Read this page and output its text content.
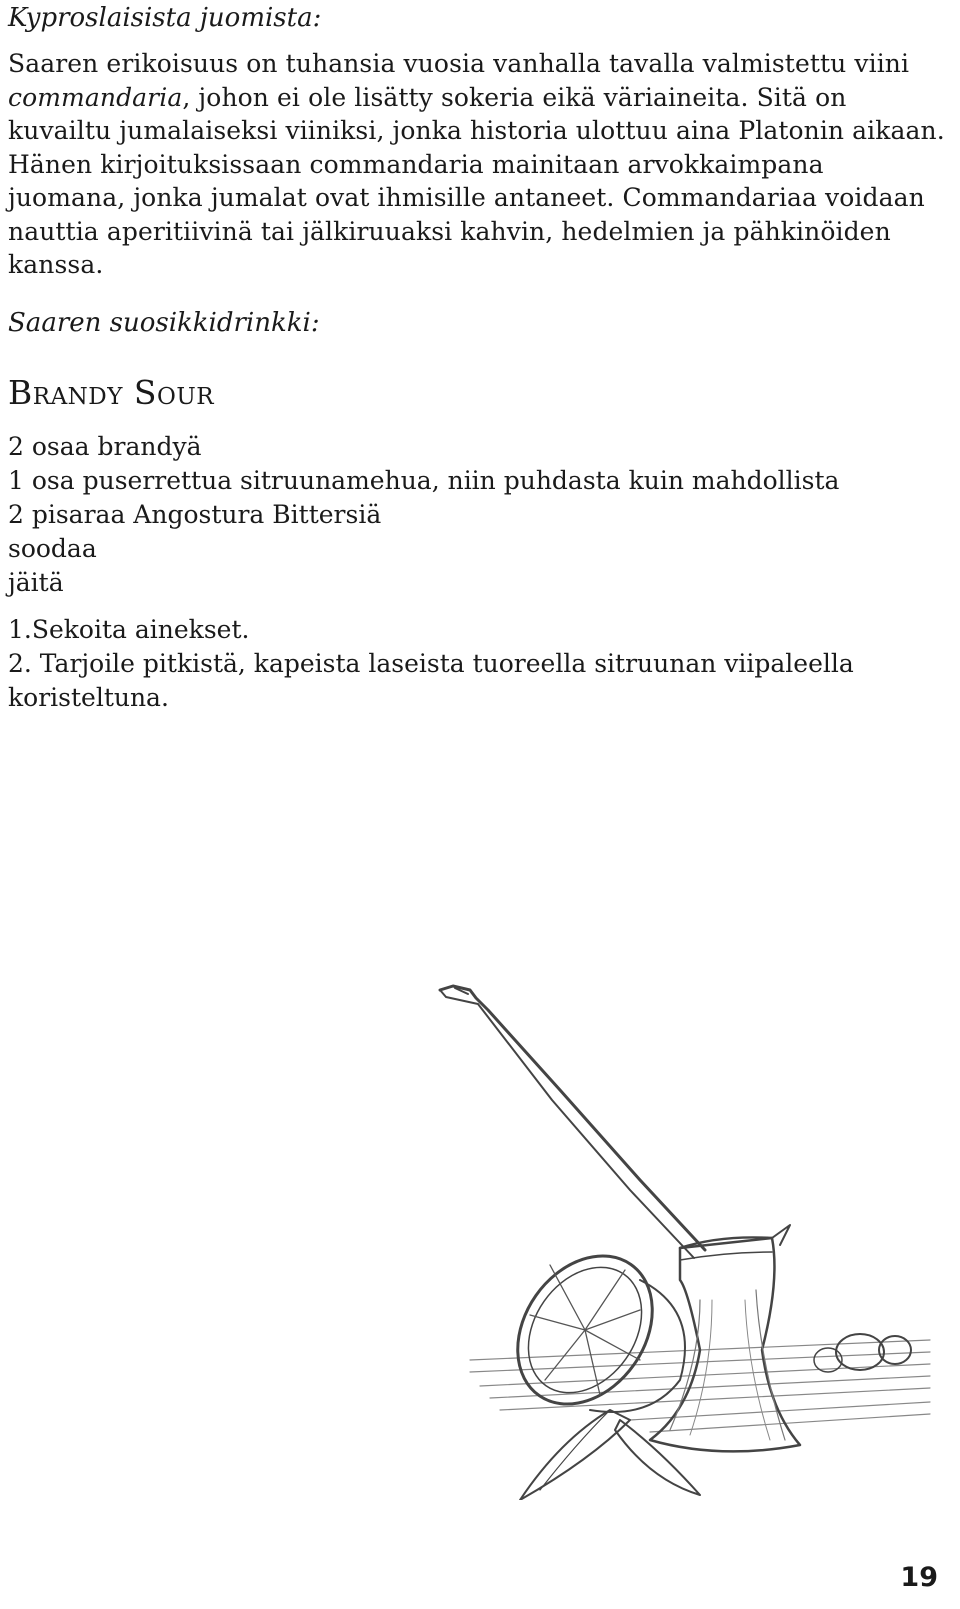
Kyproslaisista juomista:

Saaren erikoisuus on tuhansia vuosia vanhalla tavalla valmistettu viini commandaria, johon ei ole lisätty sokeria eikä väriaineita. Sitä on kuvailtu jumalaiseksi viiniksi, jonka historia ulottuu aina Platonin aikaan. Hänen kirjoituksissaan commandaria mainitaan arvokkaimpana juomana, jonka jumalat ovat ihmisille antaneet. Commandariaa voidaan nauttia aperitiivinä tai jälkiruuaksi kahvin, hedelmien ja pähkinöiden kanssa.

Saaren suosikkidrinkki:

Brandy Sour
2 osaa brandyä
1 osa puserrettua sitruunamehua, niin puhdasta kuin mahdollista
2 pisaraa Angostura Bittersiä
soodaa
jäitä
1.Sekoita ainekset.
2. Tarjoile pitkistä, kapeista laseista tuoreella sitruunan viipaleella koristeltuna.
19
